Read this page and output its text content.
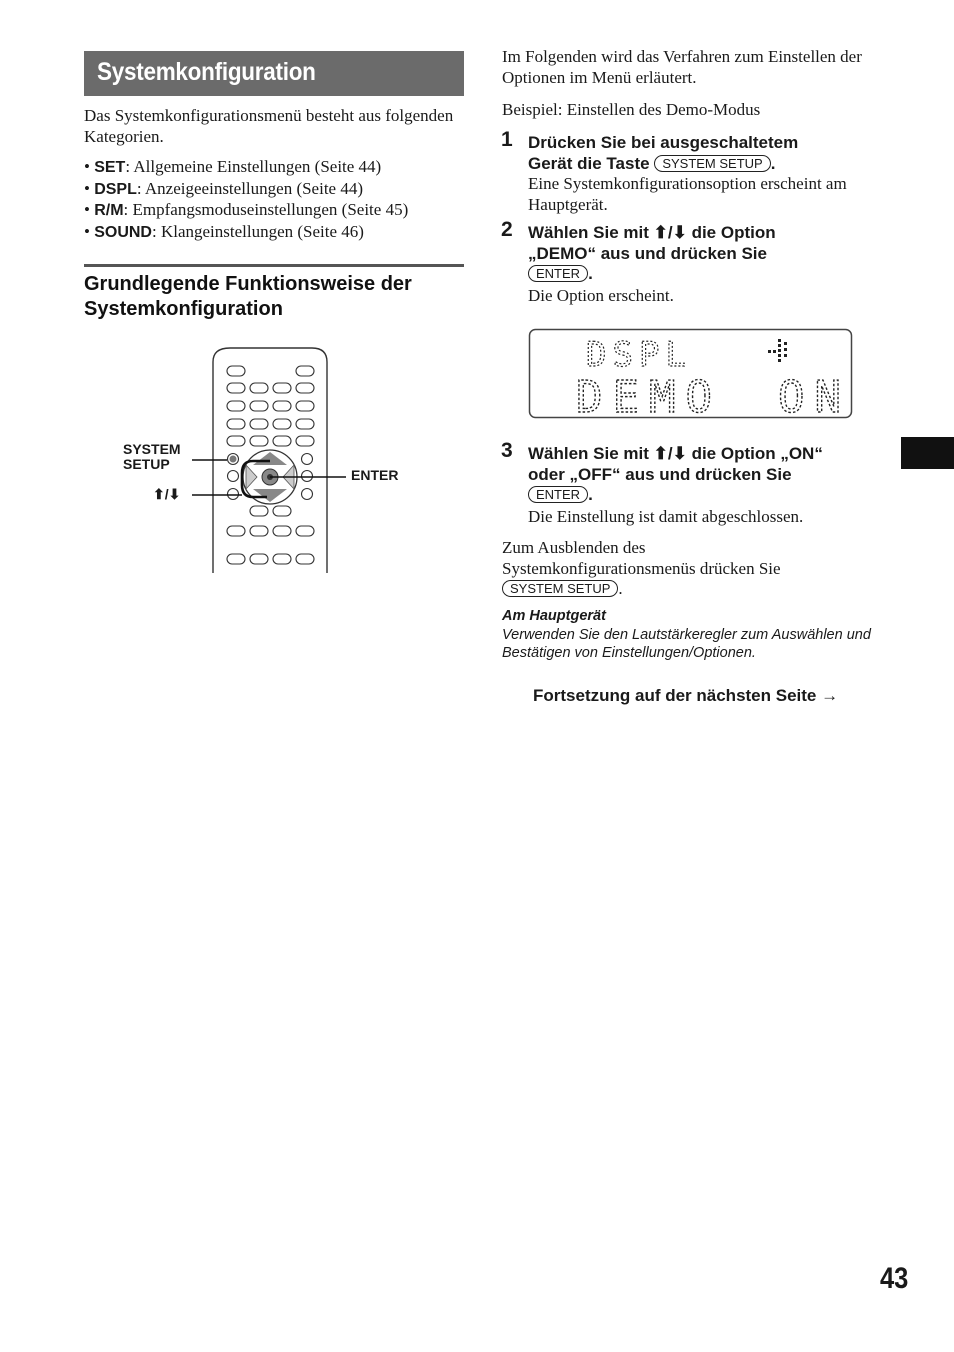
Systemkonfiguration
Das Systemkonfigurationsmenü besteht aus folgenden Kategorien.
• SET: Allgemeine Einstellungen (Seite 44)
• DSPL: Anzeigeeinstellungen (Seite 44)
• R/M: Empfangsmoduseinstellungen (Seite 45)
• SOUND: Klangeinstellungen (Seite 46)
Grundlegende Funktionsweise der Systemkonfiguration
SYSTEM
SETUP
⬆/⬇
ENTER
Im Folgenden wird das Verfahren zum Einstellen der Optionen im Menü erläutert.
Beispiel: Einstellen des Demo-Modus
1 Drücken Sie bei ausgeschaltetem
Gerät die Taste SYSTEM SETUP .
Eine Systemkonfigurationsoption erscheint am Hauptgerät.
2 Wählen Sie mit ⬆/⬇ die Option
„DEMO“ aus und drücken Sie
ENTER .
Die Option erscheint.
DSPL
DEMO ON
3 Wählen Sie mit ⬆/⬇ die Option „ON“
oder „OFF“ aus und drücken Sie
ENTER .
Die Einstellung ist damit abgeschlossen.
Zum Ausblenden des
Systemkonfigurationsmenüs drücken Sie
SYSTEM SETUP .
Am Hauptgerät
Verwenden Sie den Lautstärkeregler zum Auswählen und Bestätigen von Einstellungen/Optionen.
Fortsetzung auf der nächsten Seite →
43
